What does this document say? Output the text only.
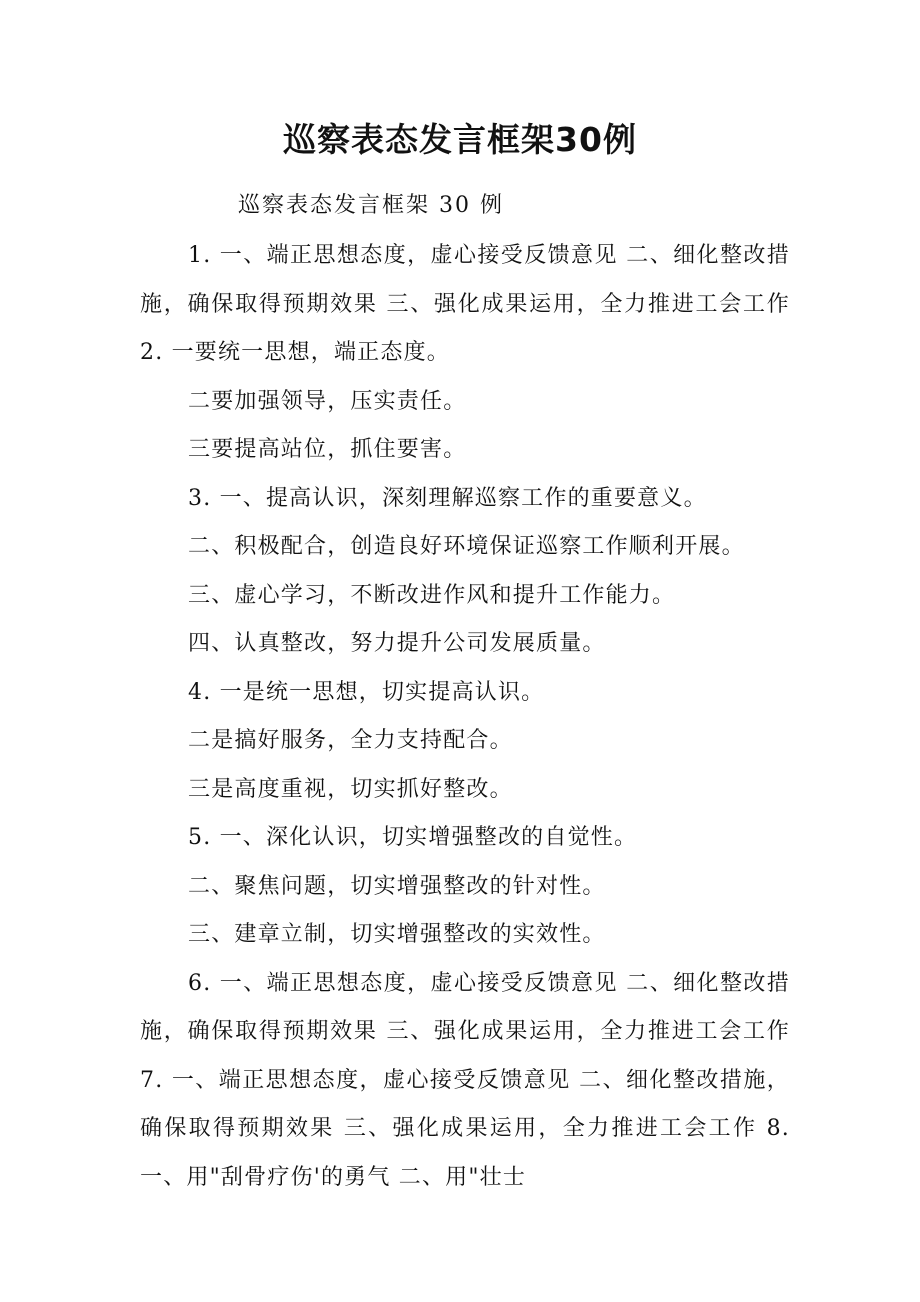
巡察表态发言框架30例

巡察表态发言框架 30 例

1. 一、端正思想态度，虚心接受反馈意见 二、细化整改措施，确保取得预期效果 三、强化成果运用，全力推进工会工作 2. 一要统一思想，端正态度。

二要加强领导，压实责任。

三要提高站位，抓住要害。

3. 一、提高认识，深刻理解巡察工作的重要意义。

二、积极配合，创造良好环境保证巡察工作顺利开展。

三、虚心学习，不断改进作风和提升工作能力。

四、认真整改，努力提升公司发展质量。

4. 一是统一思想，切实提高认识。

二是搞好服务，全力支持配合。

三是高度重视，切实抓好整改。

5. 一、深化认识，切实增强整改的自觉性。

二、聚焦问题，切实增强整改的针对性。

三、建章立制，切实增强整改的实效性。

6. 一、端正思想态度，虚心接受反馈意见 二、细化整改措施，确保取得预期效果 三、强化成果运用，全力推进工会工作 7. 一、端正思想态度，虚心接受反馈意见 二、细化整改措施，确保取得预期效果 三、强化成果运用，全力推进工会工作 8. 一、用"刮骨疗伤'的勇气 二、用"壮士
